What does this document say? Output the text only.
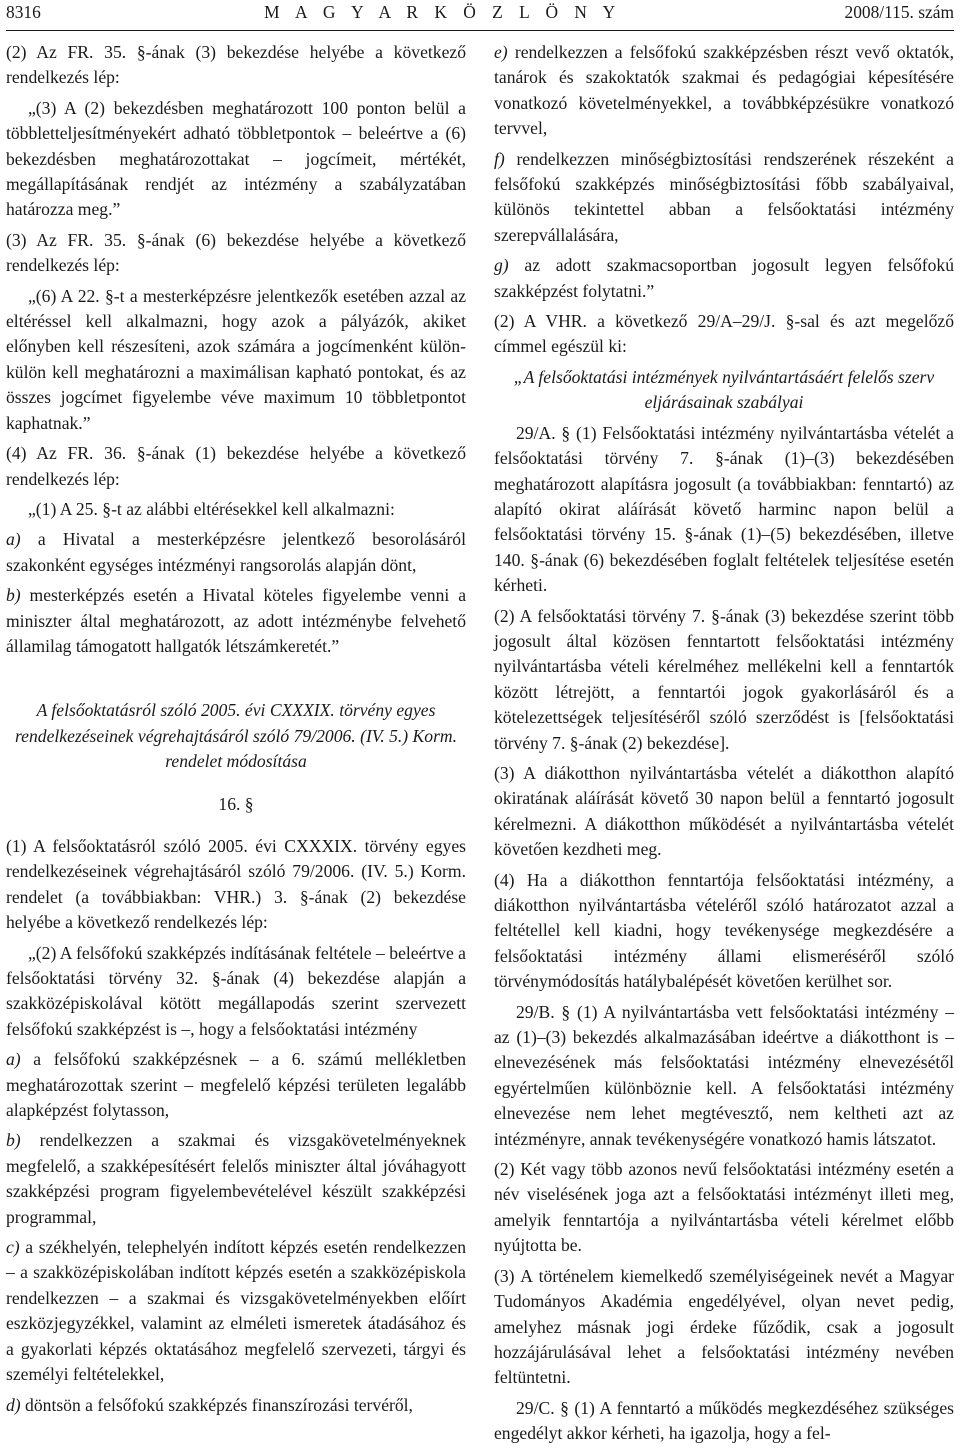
8316	M A G Y A R K Ö Z L Ö N Y	2008/115. szám

(2) Az FR. 35. §-ának (3) bekezdése helyébe a következő rendelkezés lép:

„(3) A (2) bekezdésben meghatározott 100 ponton belül a többletteljesítményekért adható többletpontok – beleértve a (6) bekezdésben meghatározottakat – jogcímeit, mértékét, megállapításának rendjét az intézmény a szabályzatában határozza meg.”

(3) Az FR. 35. §-ának (6) bekezdése helyébe a következő rendelkezés lép:

„(6) A 22. §-t a mesterképzésre jelentkezők esetében azzal az eltéréssel kell alkalmazni, hogy azok a pályázók, akiket előnyben kell részesíteni, azok számára a jogcímenként külön-külön kell meghatározni a maximálisan kapható pontokat, és az összes jogcímet figyelembe véve maximum 10 többletpontot kaphatnak.”

(4) Az FR. 36. §-ának (1) bekezdése helyébe a következő rendelkezés lép:

„(1) A 25. §-t az alábbi eltérésekkel kell alkalmazni:

a) a Hivatal a mesterképzésre jelentkező besorolásáról szakonként egységes intézményi rangsorolás alapján dönt,

b) mesterképzés esetén a Hivatal köteles figyelembe venni a miniszter által meghatározott, az adott intézménybe felvehető államilag támogatott hallgatók létszámkeretét.”

A felsőoktatásról szóló 2005. évi CXXXIX. törvény egyes rendelkezéseinek végrehajtásáról szóló 79/2006. (IV. 5.) Korm. rendelet módosítása

16. §

(1) A felsőoktatásról szóló 2005. évi CXXXIX. törvény egyes rendelkezéseinek végrehajtásáról szóló 79/2006. (IV. 5.) Korm. rendelet (a továbbiakban: VHR.) 3. §-ának (2) bekezdése helyébe a következő rendelkezés lép:

„(2) A felsőfokú szakképzés indításának feltétele – beleértve a felsőoktatási törvény 32. §-ának (4) bekezdése alapján a szakközépiskolával kötött megállapodás szerint szervezett felsőfokú szakképzést is –, hogy a felsőoktatási intézmény

a) a felsőfokú szakképzésnek – a 6. számú mellékletben meghatározottak szerint – megfelelő képzési területen legalább alapképzést folytasson,

b) rendelkezzen a szakmai és vizsgakövetelményeknek megfelelő, a szakképesítésért felelős miniszter által jóváhagyott szakképzési program figyelembevételével készült szakképzési programmal,

c) a székhelyén, telephelyén indított képzés esetén rendelkezzen – a szakközépiskolában indított képzés esetén a szakközépiskola rendelkezzen – a szakmai és vizsgakövetelményekben előírt eszközjegyzékkel, valamint az elméleti ismeretek átadásához és a gyakorlati képzés oktatásához megfelelő szervezeti, tárgyi és személyi feltételekkel,

d) döntsön a felsőfokú szakképzés finanszírozási tervéről,

e) rendelkezzen a felsőfokú szakképzésben részt vevő oktatók, tanárok és szakoktatók szakmai és pedagógiai képesítésére vonatkozó követelményekkel, a továbbképzésükre vonatkozó tervvel,

f) rendelkezzen minőségbiztosítási rendszerének részeként a felsőfokú szakképzés minőségbiztosítási főbb szabályaival, különös tekintettel abban a felsőoktatási intézmény szerepvállalására,

g) az adott szakmacsoportban jogosult legyen felsőfokú szakképzést folytatni.”

(2) A VHR. a következő 29/A–29/J. §-sal és azt megelőző címmel egészül ki:

„A felsőoktatási intézmények nyilvántartásáért felelős szerv eljárásainak szabályai

29/A. § (1) Felsőoktatási intézmény nyilvántartásba vételét a felsőoktatási törvény 7. §-ának (1)–(3) bekezdésében meghatározott alapításra jogosult (a továbbiakban: fenntartó) az alapító okirat aláírását követő harminc napon belül a felsőoktatási törvény 15. §-ának (1)–(5) bekezdésében, illetve 140. §-ának (6) bekezdésében foglalt feltételek teljesítése esetén kérheti.

(2) A felsőoktatási törvény 7. §-ának (3) bekezdése szerint több jogosult által közösen fenntartott felsőoktatási intézmény nyilvántartásba vételi kérelméhez mellékelni kell a fenntartók között létrejött, a fenntartói jogok gyakorlásáról és a kötelezettségek teljesítéséről szóló szerződést is [felsőoktatási törvény 7. §-ának (2) bekezdése].

(3) A diákotthon nyilvántartásba vételét a diákotthon alapító okiratának aláírását követő 30 napon belül a fenntartó jogosult kérelmezni. A diákotthon működését a nyilvántartásba vételét követően kezdheti meg.

(4) Ha a diákotthon fenntartója felsőoktatási intézmény, a diákotthon nyilvántartásba vételéről szóló határozatot azzal a feltétellel kell kiadni, hogy tevékenysége megkezdésére a felsőoktatási intézmény állami elismeréséről szóló törvénymódosítás hatálybalépését követően kerülhet sor.

29/B. § (1) A nyilvántartásba vett felsőoktatási intézmény – az (1)–(3) bekezdés alkalmazásában ideértve a diákotthont is – elnevezésének más felsőoktatási intézmény elnevezésétől egyértelműen különböznie kell. A felsőoktatási intézmény elnevezése nem lehet megtévesztő, nem keltheti azt az intézményre, annak tevékenységére vonatkozó hamis látszatot.

(2) Két vagy több azonos nevű felsőoktatási intézmény esetén a név viselésének joga azt a felsőoktatási intézményt illeti meg, amelyik fenntartója a nyilvántartásba vételi kérelmet előbb nyújtotta be.

(3) A történelem kiemelkedő személyiségeinek nevét a Magyar Tudományos Akadémia engedélyével, olyan nevet pedig, amelyhez másnak jogi érdeke fűződik, csak a jogosult hozzájárulásával lehet a felsőoktatási intézmény nevében feltüntetni.

29/C. § (1) A fenntartó a működés megkezdéséhez szükséges engedélyt akkor kérheti, ha igazolja, hogy a fel-
